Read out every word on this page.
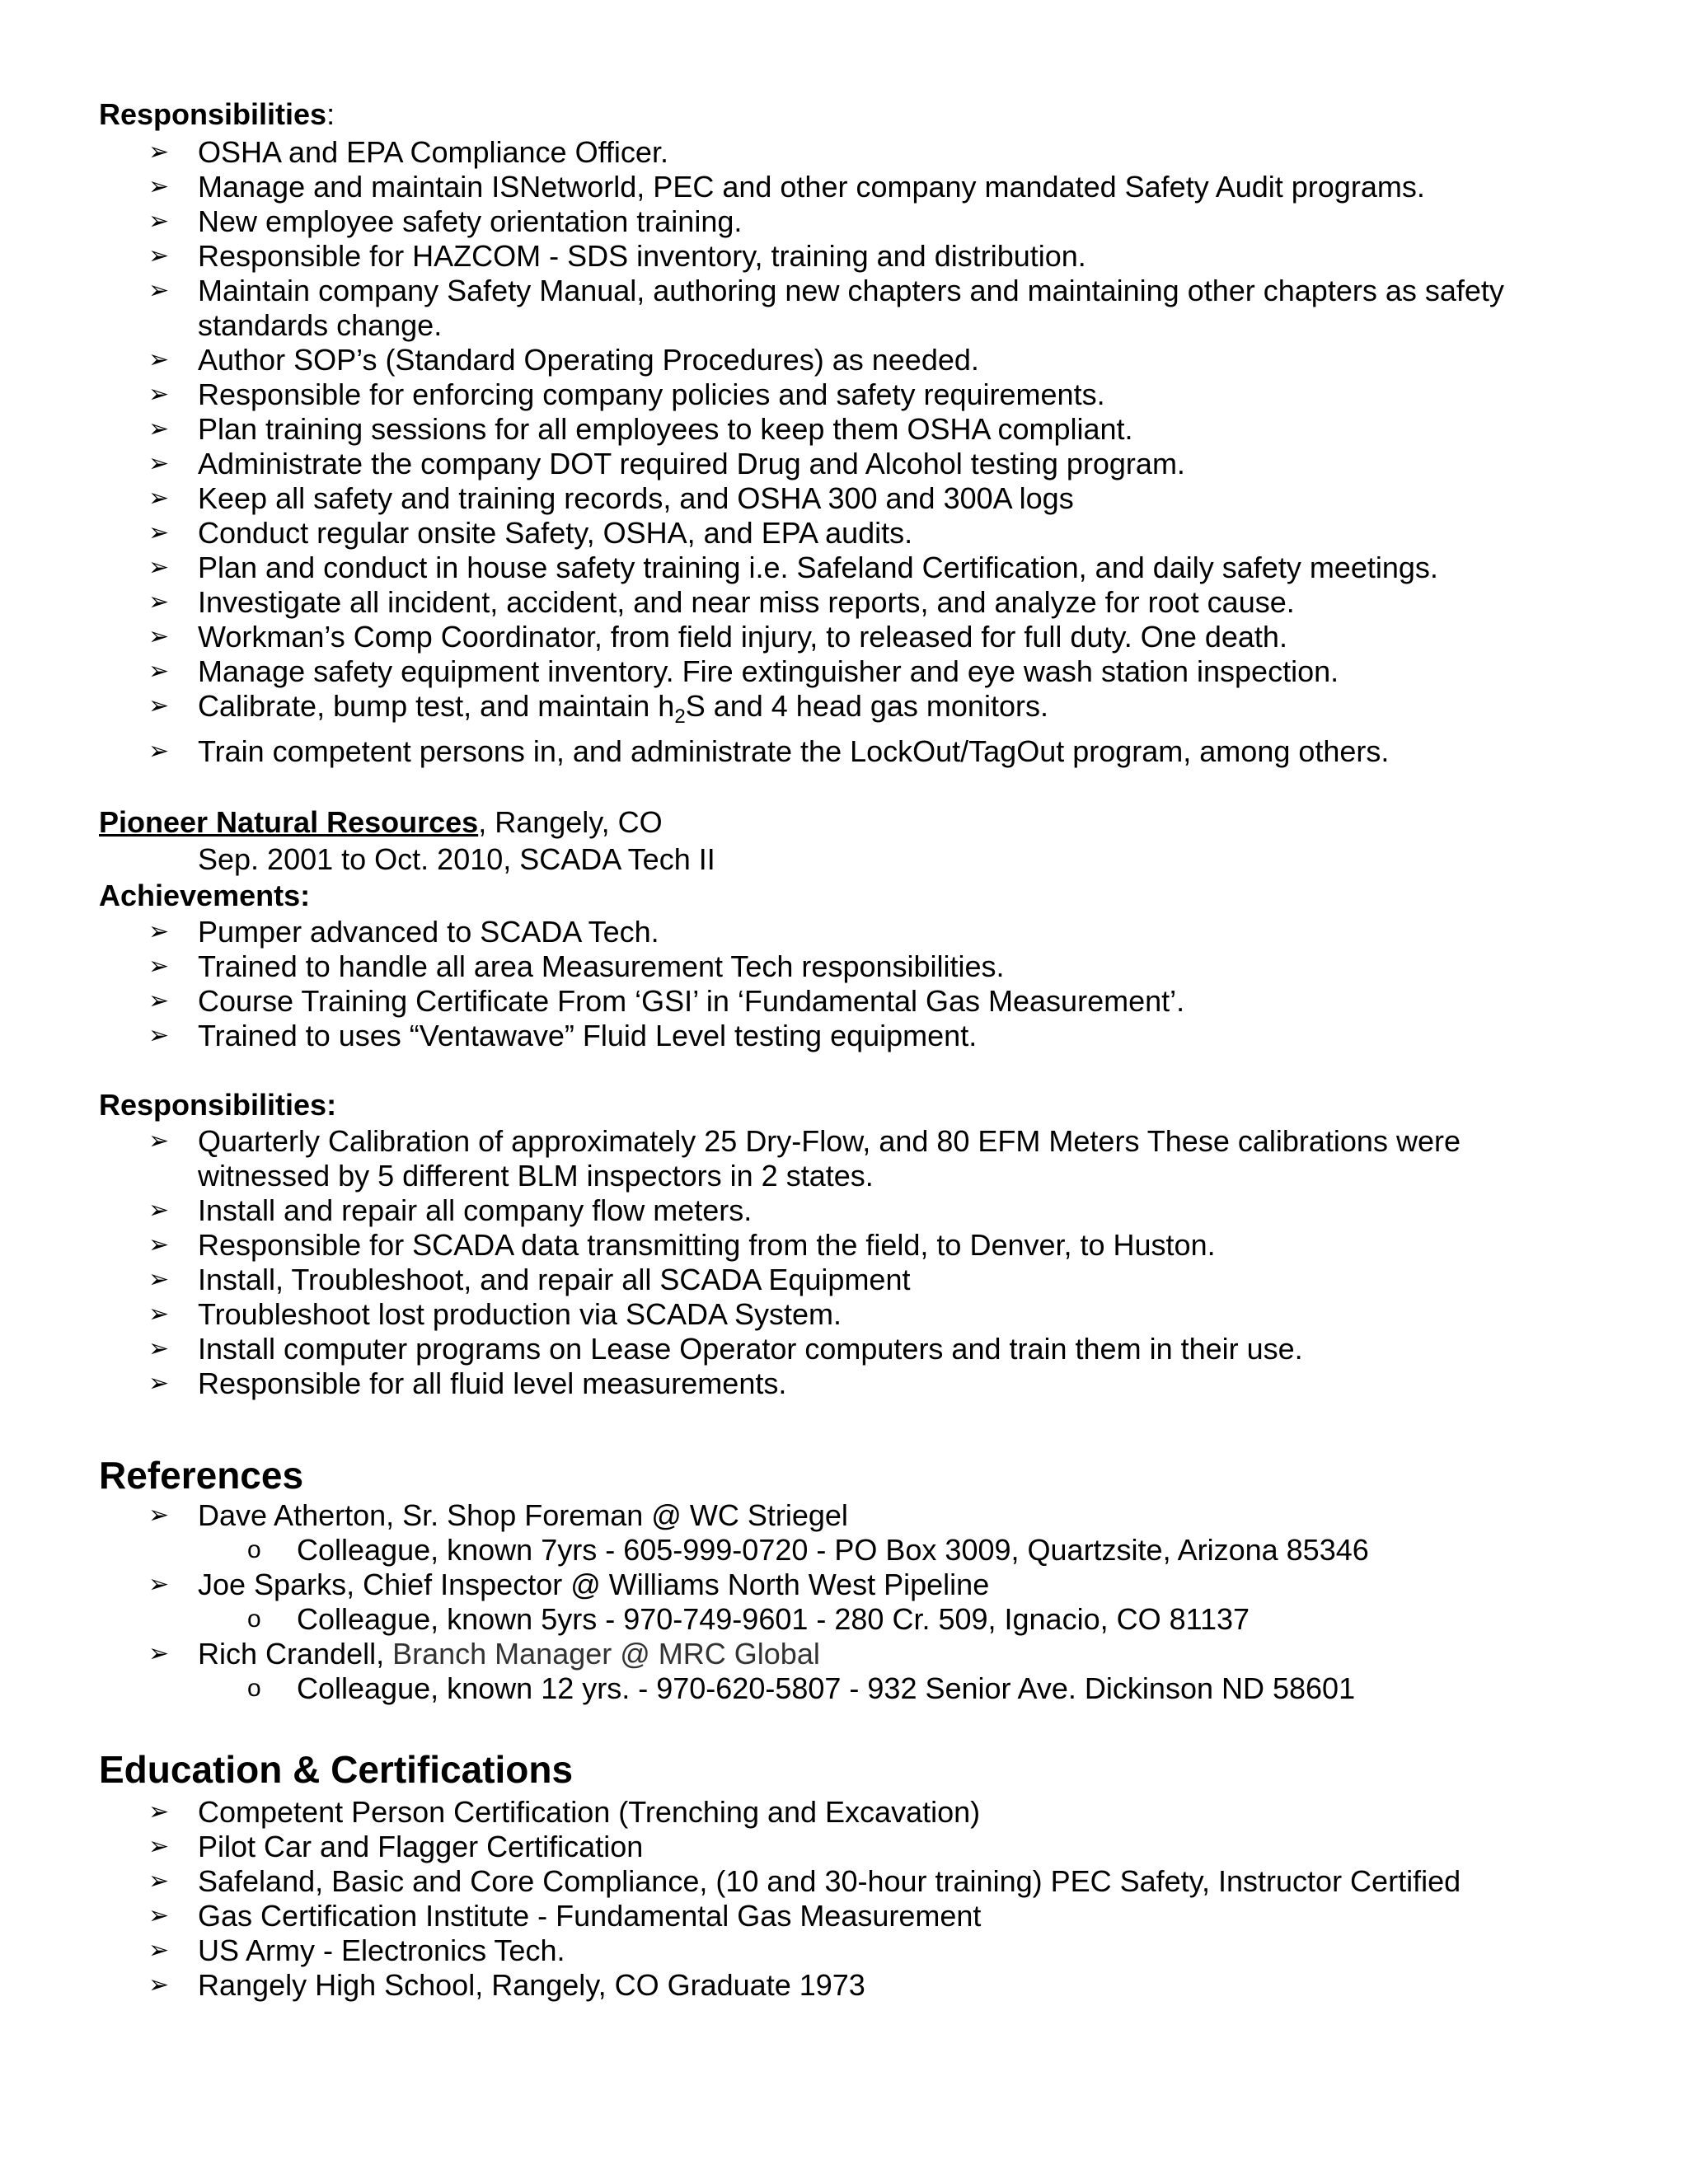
Responsibilities:
➢ OSHA and EPA Compliance Officer.
➢ Manage and maintain ISNetworld, PEC and other company mandated Safety Audit programs.
➢ New employee safety orientation training.
➢ Responsible for HAZCOM - SDS inventory, training and distribution.
➢ Maintain company Safety Manual, authoring new chapters and maintaining other chapters as safety standards change.
➢ Author SOP’s (Standard Operating Procedures) as needed.
➢ Responsible for enforcing company policies and safety requirements.
➢ Plan training sessions for all employees to keep them OSHA compliant.
➢ Administrate the company DOT required Drug and Alcohol testing program.
➢ Keep all safety and training records, and OSHA 300 and 300A logs
➢ Conduct regular onsite Safety, OSHA, and EPA audits.
➢ Plan and conduct in house safety training i.e. Safeland Certification, and daily safety meetings.
➢ Investigate all incident, accident, and near miss reports, and analyze for root cause.
➢ Workman’s Comp Coordinator, from field injury, to released for full duty. One death.
➢ Manage safety equipment inventory. Fire extinguisher and eye wash station inspection.
➢ Calibrate, bump test, and maintain $h_2S$ and 4 head gas monitors.
➢ Train competent persons in, and administrate the LockOut/TagOut program, among others.
Pioneer Natural Resources, Rangely, CO
Sep. 2001 to Oct. 2010, SCADA Tech II
Achievements:
➢ Pumper advanced to SCADA Tech.
➢ Trained to handle all area Measurement Tech responsibilities.
➢ Course Training Certificate From ‘GSI’ in ‘Fundamental Gas Measurement’.
➢ Trained to uses “Ventawave” Fluid Level testing equipment.
Responsibilities:
➢ Quarterly Calibration of approximately 25 Dry-Flow, and 80 EFM Meters These calibrations were witnessed by 5 different BLM inspectors in 2 states.
➢ Install and repair all company flow meters.
➢ Responsible for SCADA data transmitting from the field, to Denver, to Huston.
➢ Install, Troubleshoot, and repair all SCADA Equipment
➢ Troubleshoot lost production via SCADA System.
➢ Install computer programs on Lease Operator computers and train them in their use.
➢ Responsible for all fluid level measurements.
References
➢ Dave Atherton, Sr. Shop Foreman @ WC Striegel
o Colleague, known 7yrs - 605-999-0720 - PO Box 3009, Quartzsite, Arizona 85346
➢ Joe Sparks, Chief Inspector @ Williams North West Pipeline
o Colleague, known 5yrs - 970-749-9601 - 280 Cr. 509, Ignacio, CO 81137
➢ Rich Crandell, Branch Manager @ MRC Global
o Colleague, known 12 yrs. - 970-620-5807 - 932 Senior Ave. Dickinson ND 58601
Education & Certifications
➢ Competent Person Certification (Trenching and Excavation)
➢ Pilot Car and Flagger Certification
➢ Safeland, Basic and Core Compliance, (10 and 30-hour training) PEC Safety, Instructor Certified
➢ Gas Certification Institute - Fundamental Gas Measurement
➢ US Army - Electronics Tech.
➢ Rangely High School, Rangely, CO Graduate 1973
